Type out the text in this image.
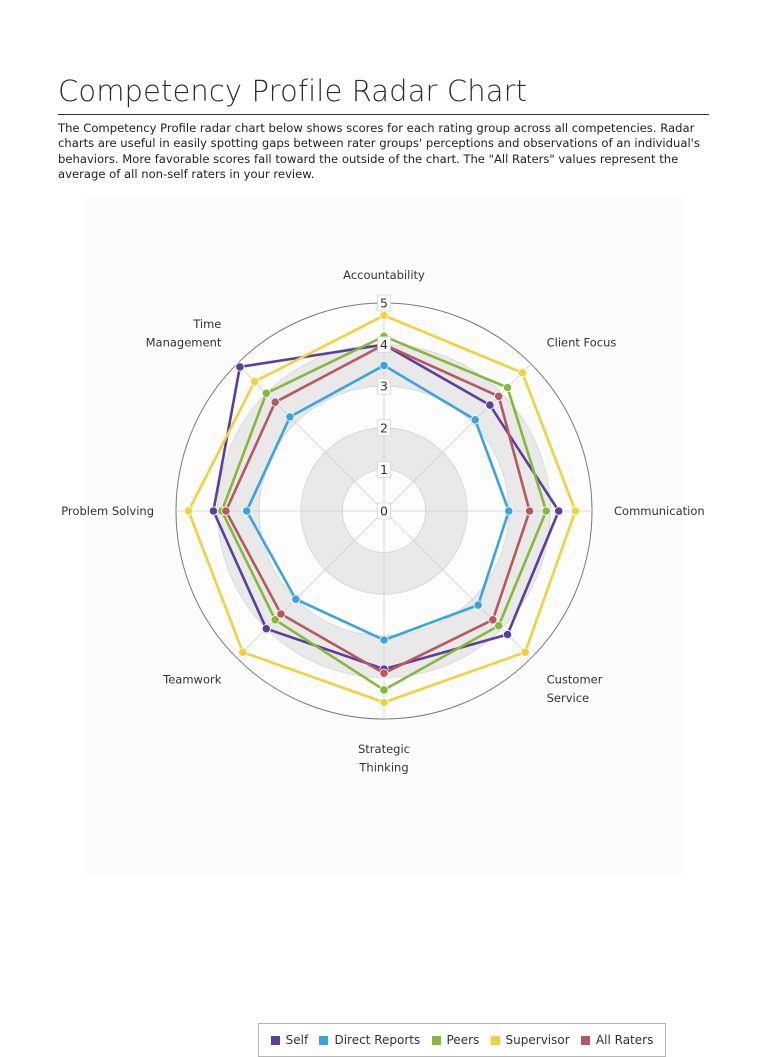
Competency Profile Radar Chart
The Competency Profile radar chart below shows scores for each rating group across all competencies. Radar charts are useful in easily spotting gaps between rater groups' perceptions and observations of an individual's behaviors. More favorable scores fall toward the outside of the chart. The "All Raters" values represent the average of all non-self raters in your review.
0
1
2
3
4
5
Accountability
Client Focus
Communication
Customer
Service
Strategic
Thinking
Teamwork
Problem Solving
Time
Management
Self Direct Reports Peers Supervisor All Raters
